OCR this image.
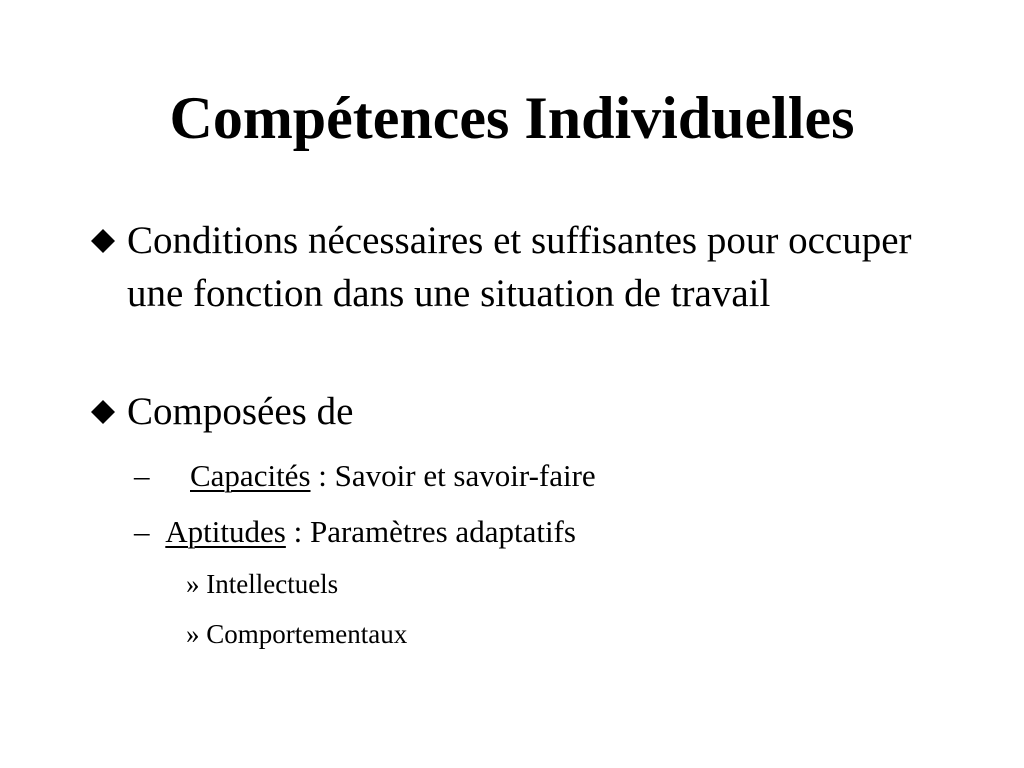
Compétences Individuelles
Conditions nécessaires et suffisantes pour occuper une fonction dans une situation de travail
Composées de
– Capacités : Savoir et savoir-faire
– Aptitudes : Paramètres adaptatifs
» Intellectuels
» Comportementaux
